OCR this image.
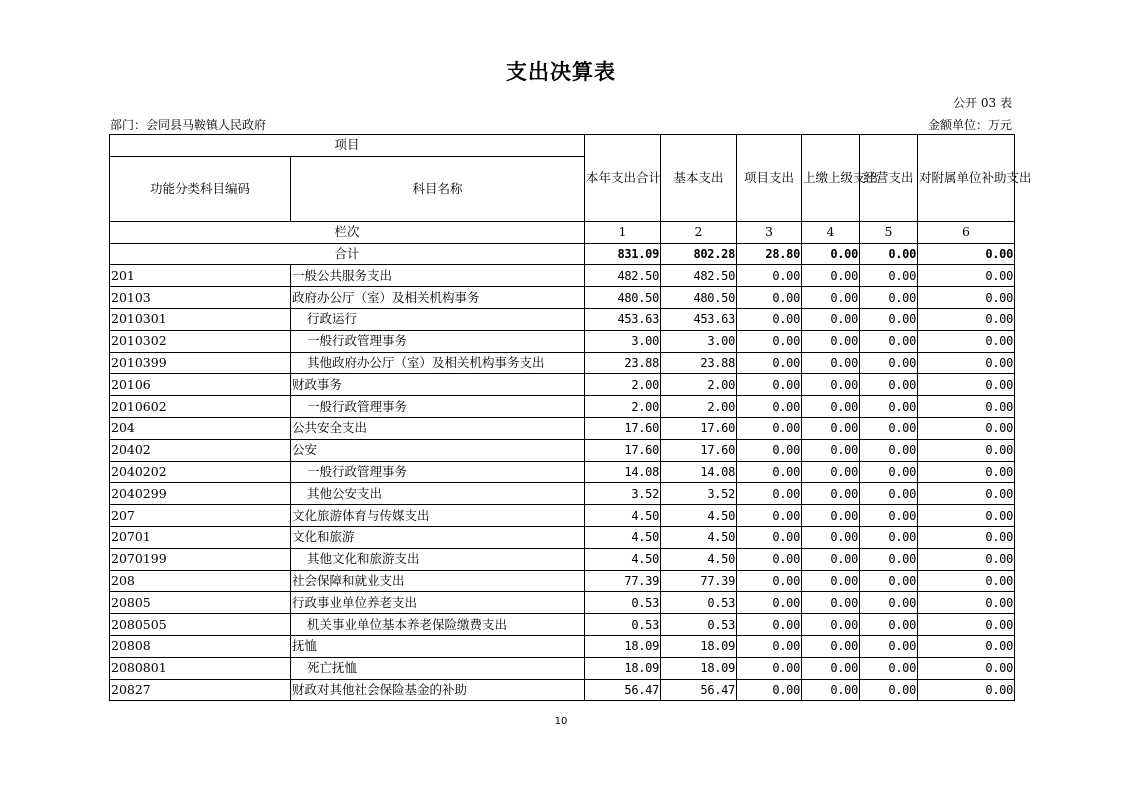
支出决算表
公开 03 表
部门：会同县马鞍镇人民政府	金额单位：万元
项目		本年支出合计	基本支出	项目支出	上缴上级支出	经营支出	对附属单位补助支出
功能分类科目编码	科目名称						
栏次		1	2	3	4	5	6
合计		831.09	802.28	28.80	0.00	0.00	0.00
201	一般公共服务支出	482.50	482.50	0.00	0.00	0.00	0.00
20103	政府办公厅（室）及相关机构事务	480.50	480.50	0.00	0.00	0.00	0.00
2010301	行政运行	453.63	453.63	0.00	0.00	0.00	0.00
2010302	一般行政管理事务	3.00	3.00	0.00	0.00	0.00	0.00
2010399	其他政府办公厅（室）及相关机构事务支出	23.88	23.88	0.00	0.00	0.00	0.00
20106	财政事务	2.00	2.00	0.00	0.00	0.00	0.00
2010602	一般行政管理事务	2.00	2.00	0.00	0.00	0.00	0.00
204	公共安全支出	17.60	17.60	0.00	0.00	0.00	0.00
20402	公安	17.60	17.60	0.00	0.00	0.00	0.00
2040202	一般行政管理事务	14.08	14.08	0.00	0.00	0.00	0.00
2040299	其他公安支出	3.52	3.52	0.00	0.00	0.00	0.00
207	文化旅游体育与传媒支出	4.50	4.50	0.00	0.00	0.00	0.00
20701	文化和旅游	4.50	4.50	0.00	0.00	0.00	0.00
2070199	其他文化和旅游支出	4.50	4.50	0.00	0.00	0.00	0.00
208	社会保障和就业支出	77.39	77.39	0.00	0.00	0.00	0.00
20805	行政事业单位养老支出	0.53	0.53	0.00	0.00	0.00	0.00
2080505	机关事业单位基本养老保险缴费支出	0.53	0.53	0.00	0.00	0.00	0.00
20808	抚恤	18.09	18.09	0.00	0.00	0.00	0.00
2080801	死亡抚恤	18.09	18.09	0.00	0.00	0.00	0.00
20827	财政对其他社会保险基金的补助	56.47	56.47	0.00	0.00	0.00	0.00
10
